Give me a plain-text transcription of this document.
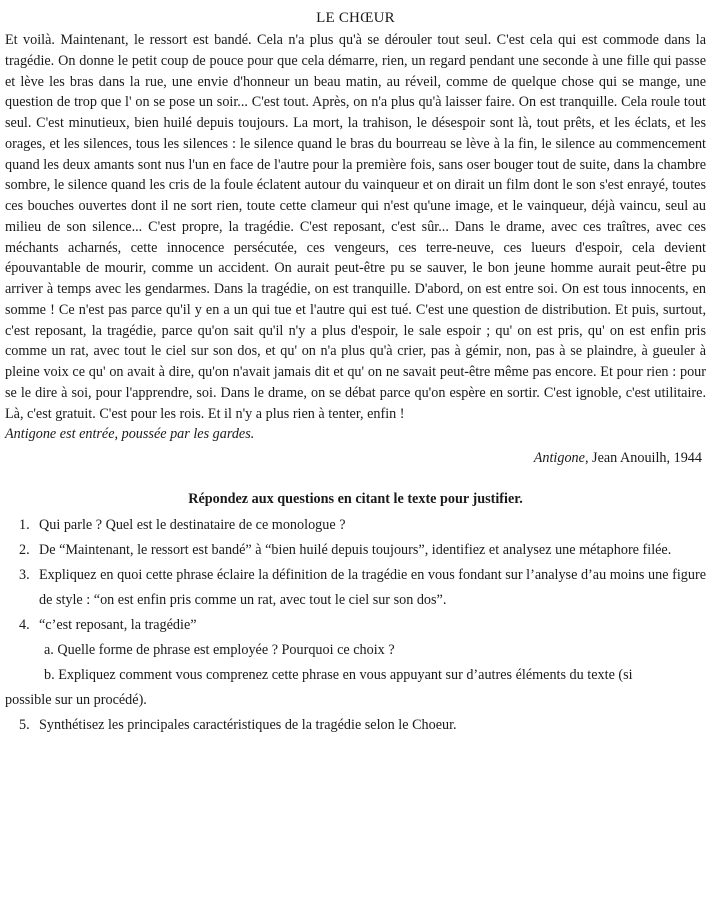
LE CHŒUR

Et voilà. Maintenant, le ressort est bandé. Cela n'a plus qu'à se dérouler tout seul. C'est cela qui est commode dans la tragédie. On donne le petit coup de pouce pour que cela démarre, rien, un regard pendant une seconde à une fille qui passe et lève les bras dans la rue, une envie d'honneur un beau matin, au réveil, comme de quelque chose qui se mange, une question de trop que l' on se pose un soir... C'est tout. Après, on n'a plus qu'à laisser faire. On est tranquille. Cela roule tout seul. C'est minutieux, bien huilé depuis toujours. La mort, la trahison, le désespoir sont là, tout prêts, et les éclats, et les orages, et les silences, tous les silences : le silence quand le bras du bourreau se lève à la fin, le silence au commencement quand les deux amants sont nus l'un en face de l'autre pour la première fois, sans oser bouger tout de suite, dans la chambre sombre, le silence quand les cris de la foule éclatent autour du vainqueur et on dirait un film dont le son s'est enrayé, toutes ces bouches ouvertes dont il ne sort rien, toute cette clameur qui n'est qu'une image, et le vainqueur, déjà vaincu, seul au milieu de son silence... C'est propre, la tragédie. C'est reposant, c'est sûr... Dans le drame, avec ces traîtres, avec ces méchants acharnés, cette innocence persécutée, ces vengeurs, ces terre-neuve, ces lueurs d'espoir, cela devient épouvantable de mourir, comme un accident. On aurait peut-être pu se sauver, le bon jeune homme aurait peut-être pu arriver à temps avec les gendarmes. Dans la tragédie, on est tranquille. D'abord, on est entre soi. On est tous innocents, en somme ! Ce n'est pas parce qu'il y en a un qui tue et l'autre qui est tué. C'est une question de distribution. Et puis, surtout, c'est reposant, la tragédie, parce qu'on sait qu'il n'y a plus d'espoir, le sale espoir ; qu' on est pris, qu' on est enfin pris comme un rat, avec tout le ciel sur son dos, et qu' on n'a plus qu'à crier, pas à gémir, non, pas à se plaindre, à gueuler à pleine voix ce qu' on avait à dire, qu'on n'avait jamais dit et qu' on ne savait peut-être même pas encore. Et pour rien : pour se le dire à soi, pour l'apprendre, soi. Dans le drame, on se débat parce qu'on espère en sortir. C'est ignoble, c'est utilitaire. Là, c'est gratuit. C'est pour les rois. Et il n'y a plus rien à tenter, enfin !

Antigone est entrée, poussée par les gardes.

Antigone, Jean Anouilh, 1944

Répondez aux questions en citant le texte pour justifier.

1. Qui parle ? Quel est le destinataire de ce monologue ?

2. De “Maintenant, le ressort est bandé” à “bien huilé depuis toujours”, identifiez et analysez une métaphore filée.

3. Expliquez en quoi cette phrase éclaire la définition de la tragédie en vous fondant sur l’analyse d’au moins une figure de style : “on est enfin pris comme un rat, avec tout le ciel sur son dos”.

4. “c’est reposant, la tragédie”

a. Quelle forme de phrase est employée ? Pourquoi ce choix ?

b. Expliquez comment vous comprenez cette phrase en vous appuyant sur d’autres éléments du texte (si

possible sur un procédé).

5. Synthétisez les principales caractéristiques de la tragédie selon le Choeur.
